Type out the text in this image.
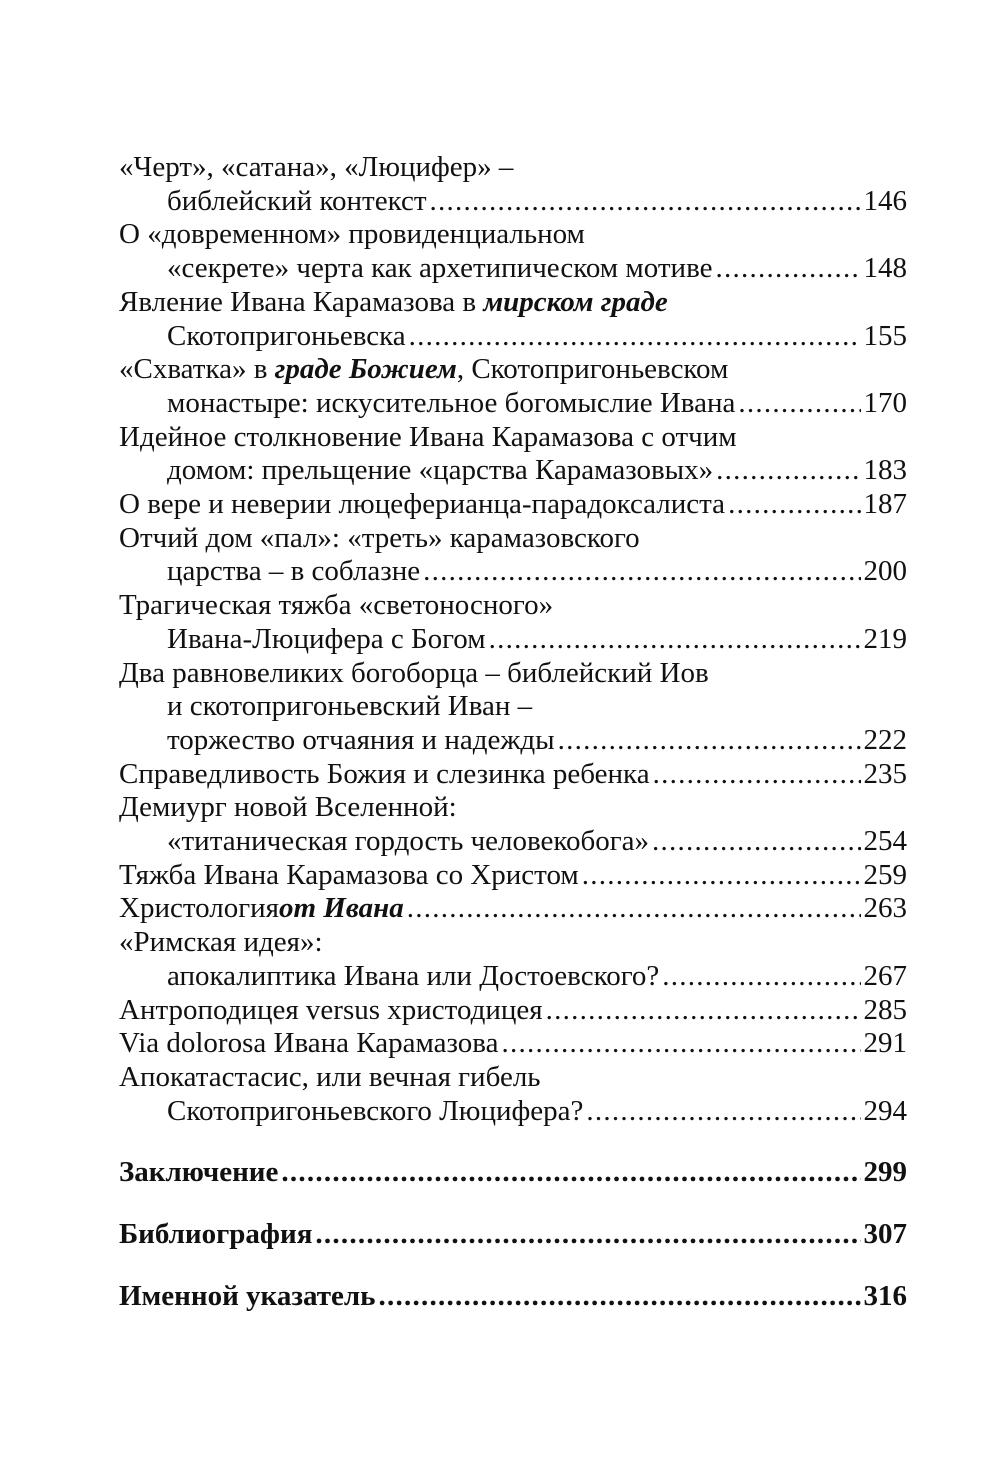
«Черт», «сатана», «Люцифер» –
библейский контекст . . .	146
О «довременном» провиденциальном
«секрете» черта как архетипическом мотиве . . .	148
Явление Ивана Карамазова в мирском граде
Скотопригоньевска . . .	155
«Схватка» в граде Божием, Скотопригоньевском
монастыре: искусительное богомыслие Ивана . . .	170
Идейное столкновение Ивана Карамазова с отчим
домом: прельщение «царства Карамазовых» . . .	183
О вере и неверии люцеферианца-парадоксалиста . . .	187
Отчий дом «пал»: «треть» карамазовского
царства – в соблазне . . .	200
Трагическая тяжба «светоносного»
Ивана-Люцифера с Богом . . .	219
Два равновеликих богоборца – библейский Иов
и скотопригоньевский Иван –
торжество отчаяния и надежды . . .	222
Справедливость Божия и слезинка ребенка . . .	235
Демиург новой Вселенной:
«титаническая гордость человекобога» . . .	254
Тяжба Ивана Карамазова со Христом . . .	259
Христология от Ивана . . .	263
«Римская идея»:
апокалиптика Ивана или Достоевского? . . .	267
Антроподицея versus христодицея . . .	285
Via dolorosa Ивана Карамазова . . .	291
Апокатастасис, или вечная гибель
Скотопригоньевского Люцифера? . . .	294
Заключение . . .	299
Библиография . . .	307
Именной указатель . . .	316
